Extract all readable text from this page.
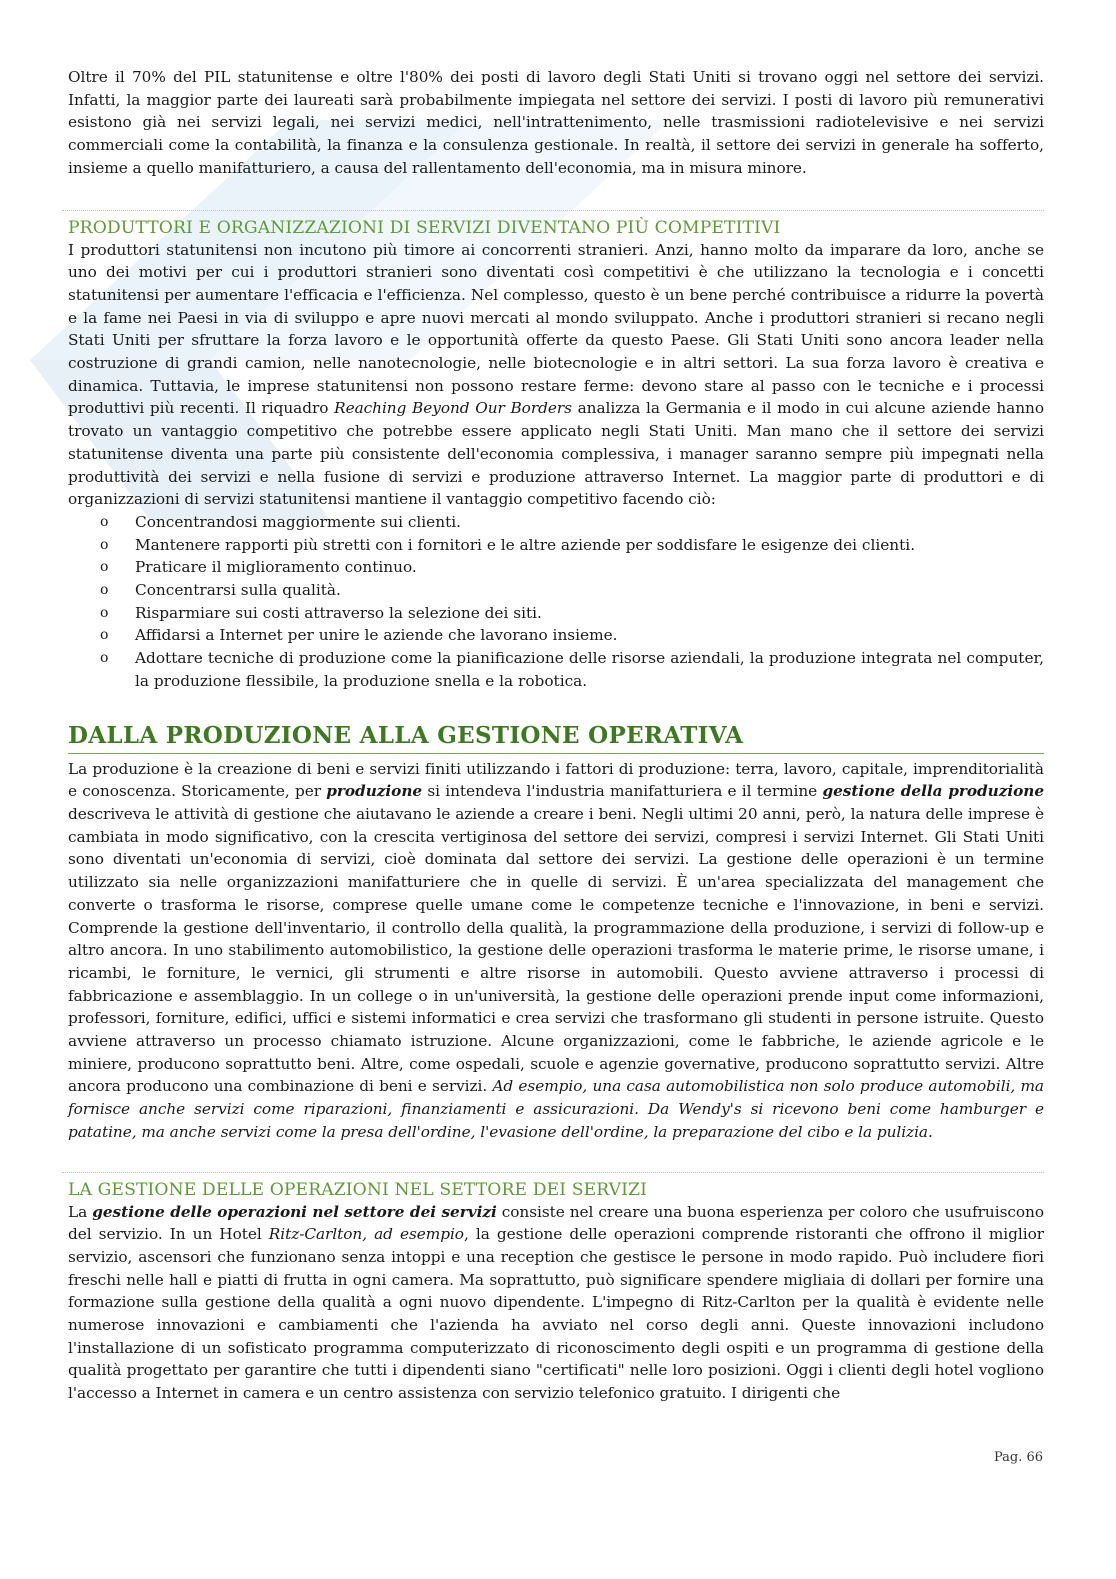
Oltre il 70% del PIL statunitense e oltre l'80% dei posti di lavoro degli Stati Uniti si trovano oggi nel settore dei servizi. Infatti, la maggior parte dei laureati sarà probabilmente impiegata nel settore dei servizi. I posti di lavoro più remunerativi esistono già nei servizi legali, nei servizi medici, nell'intrattenimento, nelle trasmissioni radiotelevisive e nei servizi commerciali come la contabilità, la finanza e la consulenza gestionale. In realtà, il settore dei servizi in generale ha sofferto, insieme a quello manifatturiero, a causa del rallentamento dell'economia, ma in misura minore.

PRODUTTORI E ORGANIZZAZIONI DI SERVIZI DIVENTANO PIÙ COMPETITIVI

I produttori statunitensi non incutono più timore ai concorrenti stranieri. Anzi, hanno molto da imparare da loro, anche se uno dei motivi per cui i produttori stranieri sono diventati così competitivi è che utilizzano la tecnologia e i concetti statunitensi per aumentare l'efficacia e l'efficienza. Nel complesso, questo è un bene perché contribuisce a ridurre la povertà e la fame nei Paesi in via di sviluppo e apre nuovi mercati al mondo sviluppato. Anche i produttori stranieri si recano negli Stati Uniti per sfruttare la forza lavoro e le opportunità offerte da questo Paese. Gli Stati Uniti sono ancora leader nella costruzione di grandi camion, nelle nanotecnologie, nelle biotecnologie e in altri settori. La sua forza lavoro è creativa e dinamica. Tuttavia, le imprese statunitensi non possono restare ferme: devono stare al passo con le tecniche e i processi produttivi più recenti. Il riquadro Reaching Beyond Our Borders analizza la Germania e il modo in cui alcune aziende hanno trovato un vantaggio competitivo che potrebbe essere applicato negli Stati Uniti. Man mano che il settore dei servizi statunitense diventa una parte più consistente dell'economia complessiva, i manager saranno sempre più impegnati nella produttività dei servizi e nella fusione di servizi e produzione attraverso Internet. La maggior parte di produttori e di organizzazioni di servizi statunitensi mantiene il vantaggio competitivo facendo ciò:

o Concentrandosi maggiormente sui clienti.
o Mantenere rapporti più stretti con i fornitori e le altre aziende per soddisfare le esigenze dei clienti.
o Praticare il miglioramento continuo.
o Concentrarsi sulla qualità.
o Risparmiare sui costi attraverso la selezione dei siti.
o Affidarsi a Internet per unire le aziende che lavorano insieme.
o Adottare tecniche di produzione come la pianificazione delle risorse aziendali, la produzione integrata nel computer, la produzione flessibile, la produzione snella e la robotica.
DALLA PRODUZIONE ALLA GESTIONE OPERATIVA

La produzione è la creazione di beni e servizi finiti utilizzando i fattori di produzione: terra, lavoro, capitale, imprenditorialità e conoscenza. Storicamente, per produzione si intendeva l'industria manifatturiera e il termine gestione della produzione descriveva le attività di gestione che aiutavano le aziende a creare i beni. Negli ultimi 20 anni, però, la natura delle imprese è cambiata in modo significativo, con la crescita vertiginosa del settore dei servizi, compresi i servizi Internet. Gli Stati Uniti sono diventati un'economia di servizi, cioè dominata dal settore dei servizi. La gestione delle operazioni è un termine utilizzato sia nelle organizzazioni manifatturiere che in quelle di servizi. È un'area specializzata del management che converte o trasforma le risorse, comprese quelle umane come le competenze tecniche e l'innovazione, in beni e servizi. Comprende la gestione dell'inventario, il controllo della qualità, la programmazione della produzione, i servizi di follow-up e altro ancora. In uno stabilimento automobilistico, la gestione delle operazioni trasforma le materie prime, le risorse umane, i ricambi, le forniture, le vernici, gli strumenti e altre risorse in automobili. Questo avviene attraverso i processi di fabbricazione e assemblaggio. In un college o in un'università, la gestione delle operazioni prende input come informazioni, professori, forniture, edifici, uffici e sistemi informatici e crea servizi che trasformano gli studenti in persone istruite. Questo avviene attraverso un processo chiamato istruzione. Alcune organizzazioni, come le fabbriche, le aziende agricole e le miniere, producono soprattutto beni. Altre, come ospedali, scuole e agenzie governative, producono soprattutto servizi. Altre ancora producono una combinazione di beni e servizi. Ad esempio, una casa automobilistica non solo produce automobili, ma fornisce anche servizi come riparazioni, finanziamenti e assicurazioni. Da Wendy's si ricevono beni come hamburger e patatine, ma anche servizi come la presa dell'ordine, l'evasione dell'ordine, la preparazione del cibo e la pulizia.

LA GESTIONE DELLE OPERAZIONI NEL SETTORE DEI SERVIZI

La gestione delle operazioni nel settore dei servizi consiste nel creare una buona esperienza per coloro che usufruiscono del servizio. In un Hotel Ritz-Carlton, ad esempio, la gestione delle operazioni comprende ristoranti che offrono il miglior servizio, ascensori che funzionano senza intoppi e una reception che gestisce le persone in modo rapido. Può includere fiori freschi nelle hall e piatti di frutta in ogni camera. Ma soprattutto, può significare spendere migliaia di dollari per fornire una formazione sulla gestione della qualità a ogni nuovo dipendente. L'impegno di Ritz-Carlton per la qualità è evidente nelle numerose innovazioni e cambiamenti che l'azienda ha avviato nel corso degli anni. Queste innovazioni includono l'installazione di un sofisticato programma computerizzato di riconoscimento degli ospiti e un programma di gestione della qualità progettato per garantire che tutti i dipendenti siano "certificati" nelle loro posizioni. Oggi i clienti degli hotel vogliono l'accesso a Internet in camera e un centro assistenza con servizio telefonico gratuito. I dirigenti che

Pag. 66
